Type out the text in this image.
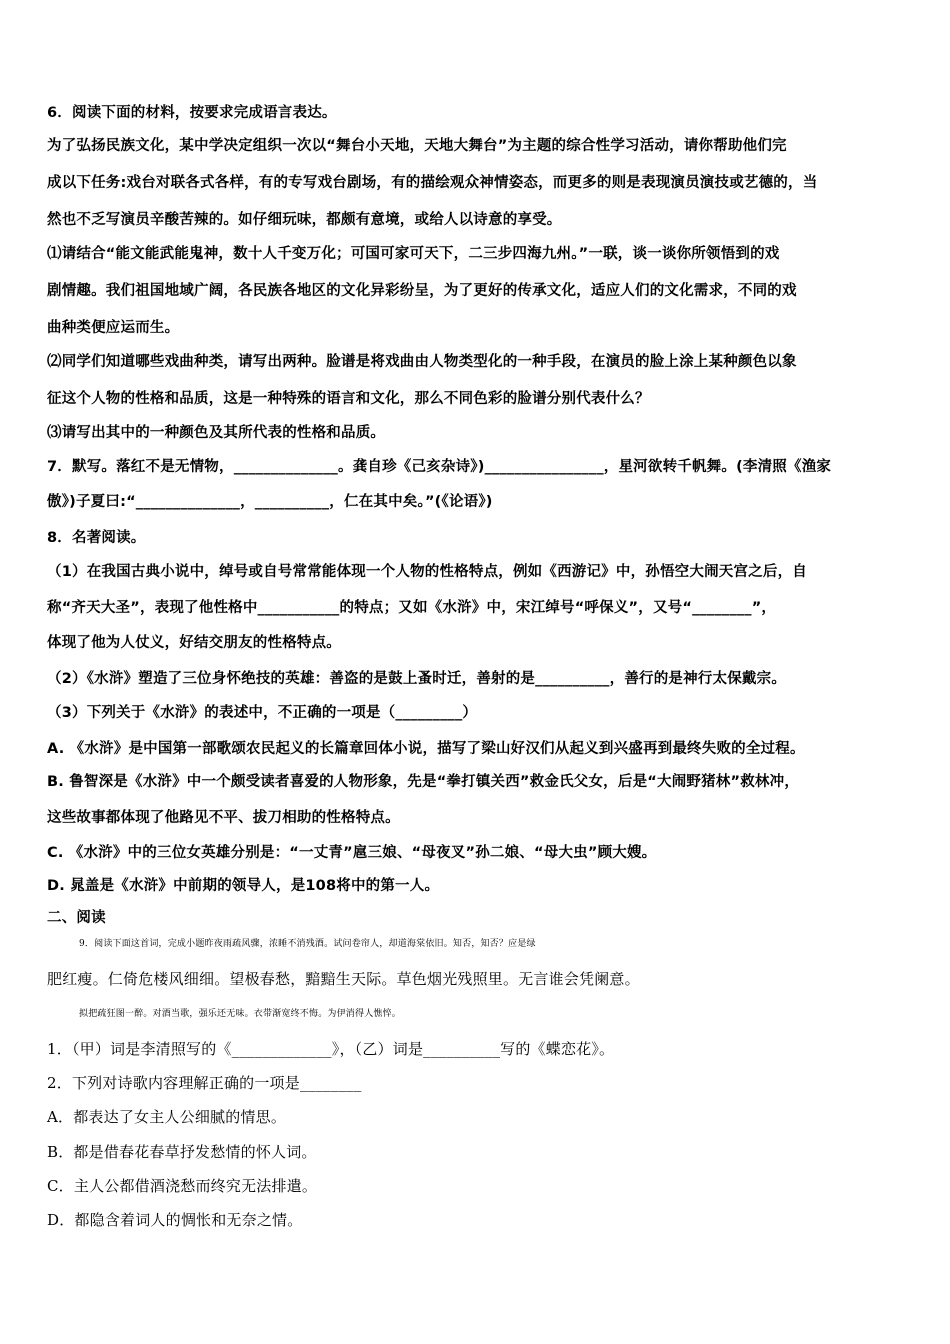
6．阅读下面的材料，按要求完成语言表达。
为了弘扬民族文化，某中学决定组织一次以“舞台小天地，天地大舞台”为主题的综合性学习活动，请你帮助他们完
成以下任务:戏台对联各式各样，有的专写戏台剧场，有的描绘观众神情姿态，而更多的则是表现演员演技或艺德的，当
然也不乏写演员辛酸苦辣的。如仔细玩味，都颇有意境，或给人以诗意的享受。
⑴请结合“能文能武能鬼神，数十人千变万化；可国可家可天下，二三步四海九州。”一联，谈一谈你所领悟到的戏
剧情趣。我们祖国地域广阔，各民族各地区的文化异彩纷呈，为了更好的传承文化，适应人们的文化需求，不同的戏
曲种类便应运而生。
⑵同学们知道哪些戏曲种类，请写出两种。脸谱是将戏曲由人物类型化的一种手段，在演员的脸上涂上某种颜色以象
征这个人物的性格和品质，这是一种特殊的语言和文化，那么不同色彩的脸谱分别代表什么？
⑶请写出其中的一种颜色及其所代表的性格和品质。
7．默写。落红不是无情物，______________。龚自珍《己亥杂诗》)________________，星河欲转千帆舞。(李清照《渔家
傲》)子夏曰:“______________，__________，仁在其中矣。”(《论语》)
8．名著阅读。
（1）在我国古典小说中，绰号或自号常常能体现一个人物的性格特点，例如《西游记》中，孙悟空大闹天宫之后，自
称“齐天大圣”，表现了他性格中___________的特点；又如《水浒》中，宋江绰号“呼保义”，又号“________”，
体现了他为人仗义，好结交朋友的性格特点。
（2）《水浒》塑造了三位身怀绝技的英雄：善盗的是鼓上蚤时迁，善射的是__________，善行的是神行太保戴宗。
（3）下列关于《水浒》的表述中，不正确的一项是（_________）
A. 《水浒》是中国第一部歌颂农民起义的长篇章回体小说，描写了梁山好汉们从起义到兴盛再到最终失败的全过程。
B. 鲁智深是《水浒》中一个颇受读者喜爱的人物形象，先是“拳打镇关西”救金氏父女，后是“大闹野猪林”救林冲，
这些故事都体现了他路见不平、拔刀相助的性格特点。
C. 《水浒》中的三位女英雄分别是：“一丈青”扈三娘、“母夜叉”孙二娘、“母大虫”顾大嫂。
D. 晁盖是《水浒》中前期的领导人，是108将中的第一人。
二、阅读
9．阅读下面这首词，完成小题昨夜雨疏风骤，浓睡不消残酒。试问卷帘人，却道海棠依旧。知否，知否？应是绿
肥红瘦。仁倚危楼风细细。望极春愁，黯黯生天际。草色烟光残照里。无言谁会凭阑意。
拟把疏狂图一醉。对酒当歌，强乐还无味。衣带渐宽终不悔。为伊消得人憔悴。
1．（甲）词是李清照写的《_____________》，（乙）词是__________写的《蝶恋花》。
2．下列对诗歌内容理解正确的一项是________
A．都表达了女主人公细腻的情思。
B．都是借春花春草抒发愁情的怀人词。
C．主人公都借酒浇愁而终究无法排遣。
D．都隐含着词人的惆怅和无奈之情。
